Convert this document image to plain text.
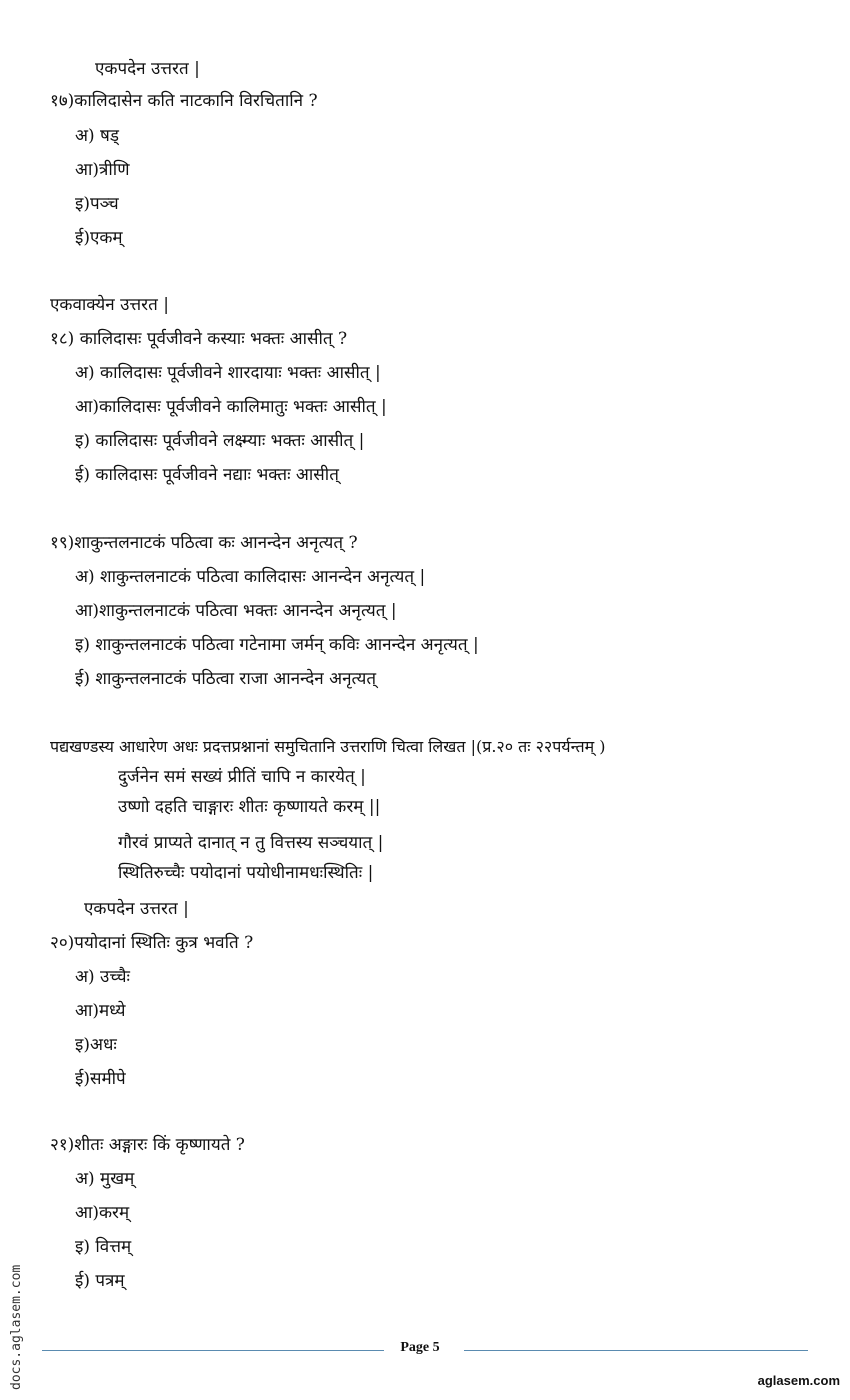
एकपदेन उत्तरत |
१७)कालिदासेन कति नाटकानि विरचितानि ?
अ) षड्
आ)त्रीणि
इ)पञ्च
ई)एकम्
एकवाक्येन उत्तरत |
१८) कालिदासः पूर्वजीवने कस्याः भक्तः आसीत् ?
अ) कालिदासः पूर्वजीवने शारदायाः भक्तः आसीत् |
आ)कालिदासः पूर्वजीवने कालिमातुः भक्तः आसीत् |
इ) कालिदासः पूर्वजीवने लक्ष्म्याः भक्तः आसीत् |
ई) कालिदासः पूर्वजीवने नद्याः भक्तः आसीत्
१९)शाकुन्तलनाटकं पठित्वा कः आनन्देन अनृत्यत् ?
अ) शाकुन्तलनाटकं पठित्वा कालिदासः आनन्देन अनृत्यत् |
आ)शाकुन्तलनाटकं पठित्वा भक्तः आनन्देन अनृत्यत् |
इ) शाकुन्तलनाटकं पठित्वा गटेनामा जर्मन् कविः आनन्देन अनृत्यत् |
ई) शाकुन्तलनाटकं पठित्वा राजा आनन्देन अनृत्यत्
पद्यखण्डस्य आधारेण अधः प्रदत्तप्रश्नानां समुचितानि उत्तराणि चित्वा लिखत |(प्र.२० तः २२पर्यन्तम् )
दुर्जनेन समं सख्यं प्रीतिं चापि न कारयेत् |
उष्णो दहति चाङ्गारः शीतः कृष्णायते करम् ||
गौरवं प्राप्यते दानात् न तु वित्तस्य सञ्चयात् |
स्थितिरुच्चैः पयोदानां पयोधीनामधःस्थितिः |
एकपदेन उत्तरत |
२०)पयोदानां स्थितिः कुत्र भवति ?
अ) उच्चैः
आ)मध्ये
इ)अधः
ई)समीपे
२१)शीतः अङ्गारः किं कृष्णायते ?
अ) मुखम्
आ)करम्
इ) वित्तम्
ई) पत्रम्
docs.aglasem.com	Page 5
aglasem.com
